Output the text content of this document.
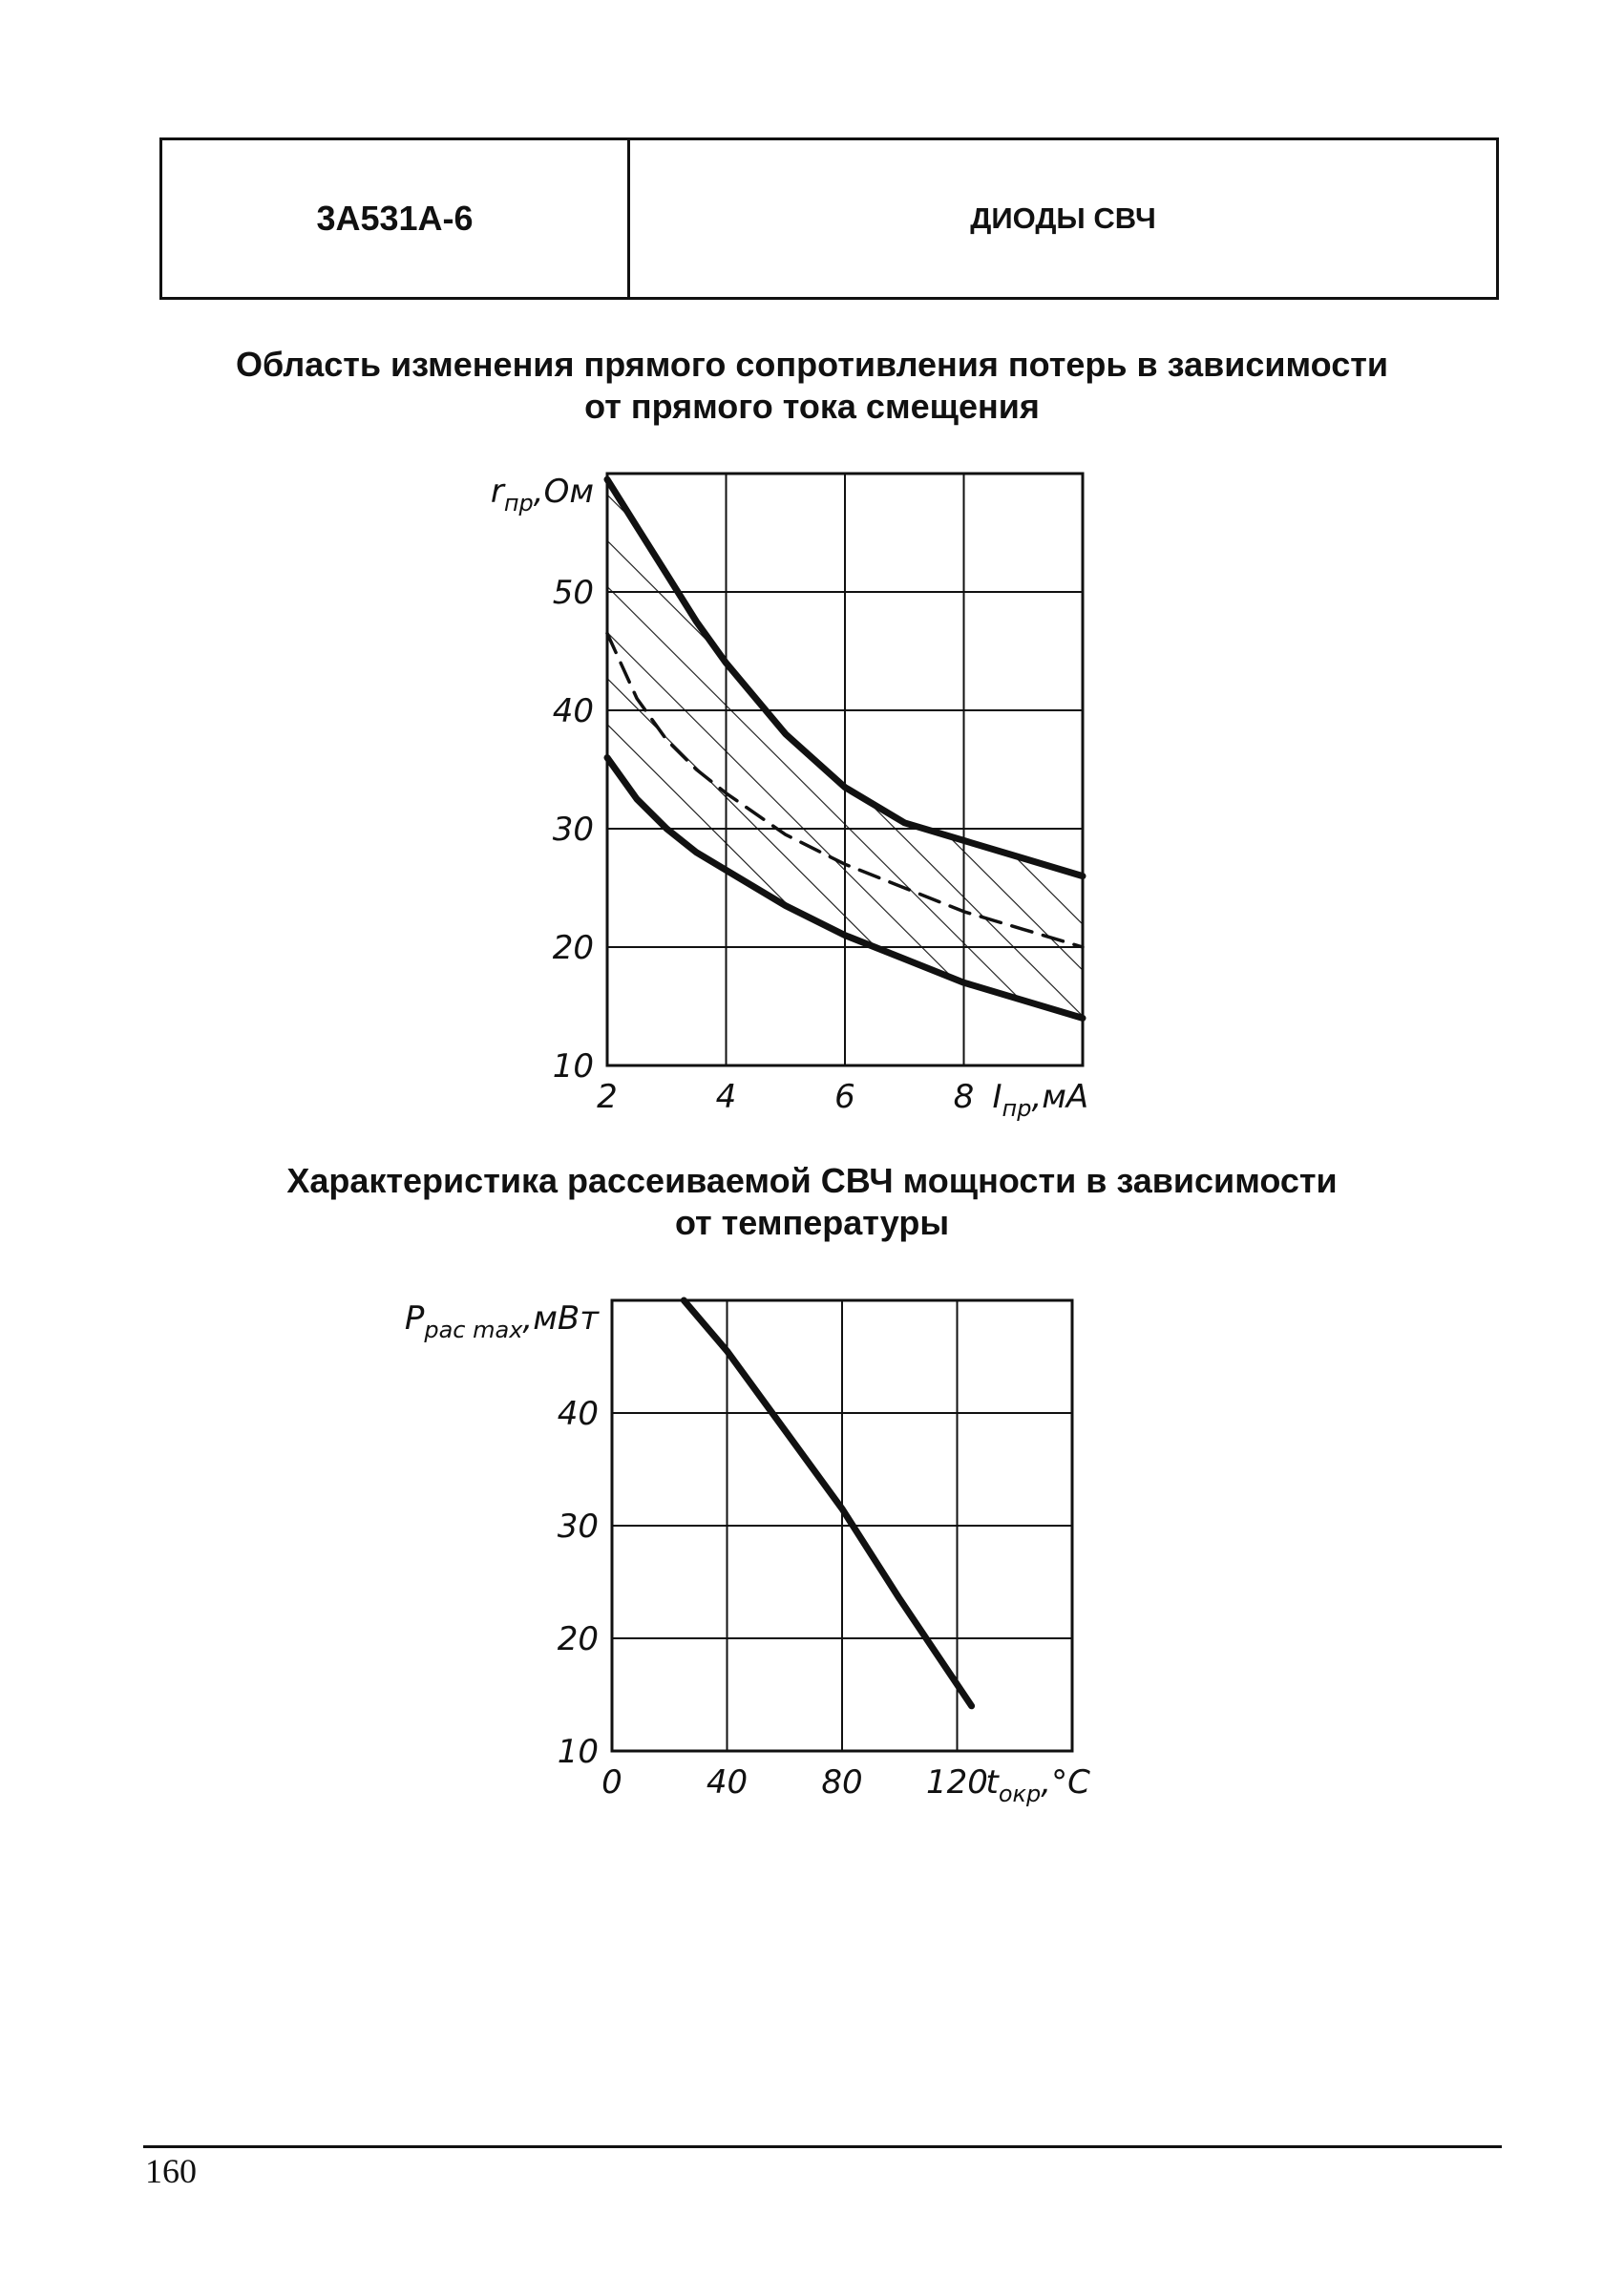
3А531А-6	ДИОДЫ СВЧ
Область изменения прямого сопротивления потерь в зависимости
от прямого тока смещения
2	4	6	8
10
20
30
40
50
$r_{пр},Ом$
$I_{пр},мА$
Характеристика рассеиваемой СВЧ мощности в зависимости
от температуры
0	40 80 120
10
20
30
40
$P_{рас max},мВт$
$t_{окр},^\circ С$
160
